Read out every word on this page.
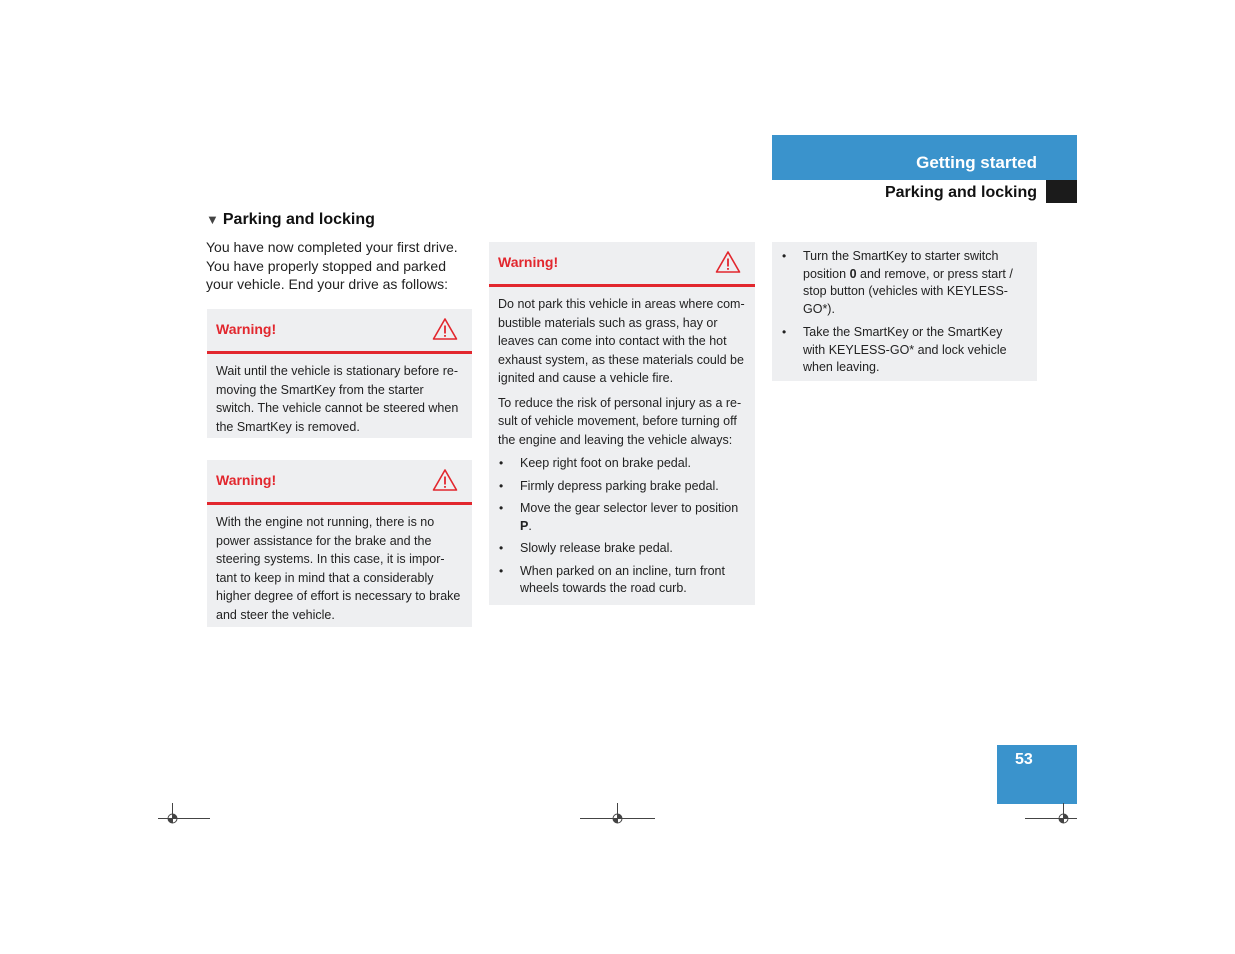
Getting started
Parking and locking
▼ Parking and locking
You have now completed your first drive. You have properly stopped and parked your vehicle. End your drive as follows:
Warning!
Wait until the vehicle is stationary before re-moving the SmartKey from the starter switch. The vehicle cannot be steered when the SmartKey is removed.
Warning!
With the engine not running, there is no power assistance for the brake and the steering systems. In this case, it is impor-tant to keep in mind that a considerably higher degree of effort is necessary to brake and steer the vehicle.
Warning!

Do not park this vehicle in areas where com-bustible materials such as grass, hay or leaves can come into contact with the hot exhaust system, as these materials could be ignited and cause a vehicle fire.

To reduce the risk of personal injury as a re-sult of vehicle movement, before turning off the engine and leaving the vehicle always:

• Keep right foot on brake pedal.
• Firmly depress parking brake pedal.
• Move the gear selector lever to position P.
• Slowly release brake pedal.
• When parked on an incline, turn front wheels towards the road curb.
• Turn the SmartKey to starter switch position 0 and remove, or press start / stop button (vehicles with KEYLESS-GO*).
• Take the SmartKey or the SmartKey with KEYLESS-GO* and lock vehicle when leaving.
53
